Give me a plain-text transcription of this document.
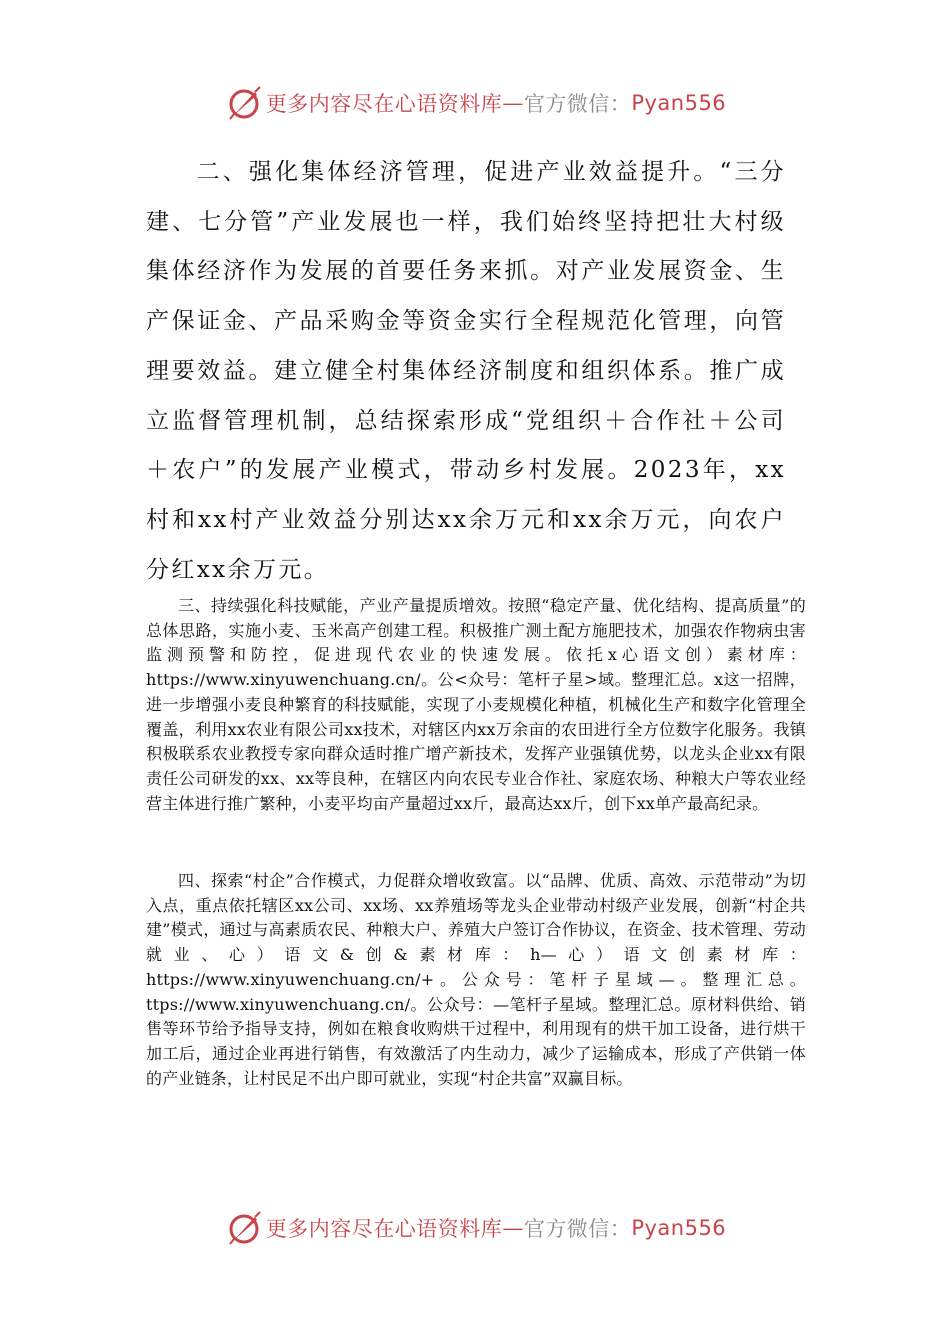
更多内容尽在心语资料库 — 官方微信： Pyan556

二、强化集体经济管理，促进产业效益提升。“三分建、七分管”产业发展也一样，我们始终坚持把壮大村级集体经济作为发展的首要任务来抓。对产业发展资金、生产保证金、产品采购金等资金实行全程规范化管理，向管理要效益。建立健全村集体经济制度和组织体系。推广成立监督管理机制，总结探索形成“党组织＋合作社＋公司＋农户”的发展产业模式，带动乡村发展。2023年，xx村和xx村产业效益分别达xx余万元和xx余万元，向农户分红xx余万元。

三、持续强化科技赋能，产业产量提质增效。按照“稳定产量、优化结构、提高质量”的总体思路，实施小麦、玉米高产创建工程。积极推广测土配方施肥技术，加强农作物病虫害监测预警和防控，促进现代农业的快速发展。依托x心语文创）素材库：https://www.xinyuwenchuang.cn/。公<众号：笔杆子星>域。整理汇总。x这一招牌，进一步增强小麦良种繁育的科技赋能，实现了小麦规模化种植，机械化生产和数字化管理全覆盖，利用xx农业有限公司xx技术，对辖区内xx万余亩的农田进行全方位数字化服务。我镇积极联系农业教授专家向群众适时推广增产新技术，发挥产业强镇优势，以龙头企业xx有限责任公司研发的xx、xx等良种，在辖区内向农民专业合作社、家庭农场、种粮大户等农业经营主体进行推广繁种，小麦平均亩产量超过xx斤，最高达xx斤，创下xx单产最高纪录。

四、探索“村企”合作模式，力促群众增收致富。以“品牌、优质、高效、示范带动”为切入点，重点依托辖区xx公司、xx场、xx养殖场等龙头企业带动村级产业发展，创新“村企共建”模式，通过与高素质农民、种粮大户、养殖大户签订合作协议，在资金、技术管理、劳动就业、心）语文&创&素材库：h—心）语文创素材库：https://www.xinyuwenchuang.cn/+。公众号：笔杆子星域—。整理汇总。ttps://www.xinyuwenchuang.cn/。公众号：—笔杆子星域。整理汇总。原材料供给、销售等环节给予指导支持，例如在粮食收购烘干过程中，利用现有的烘干加工设备，进行烘干加工后，通过企业再进行销售，有效激活了内生动力，减少了运输成本，形成了产供销一体的产业链条，让村民足不出户即可就业，实现“村企共富”双赢目标。

更多内容尽在心语资料库 — 官方微信： Pyan556
